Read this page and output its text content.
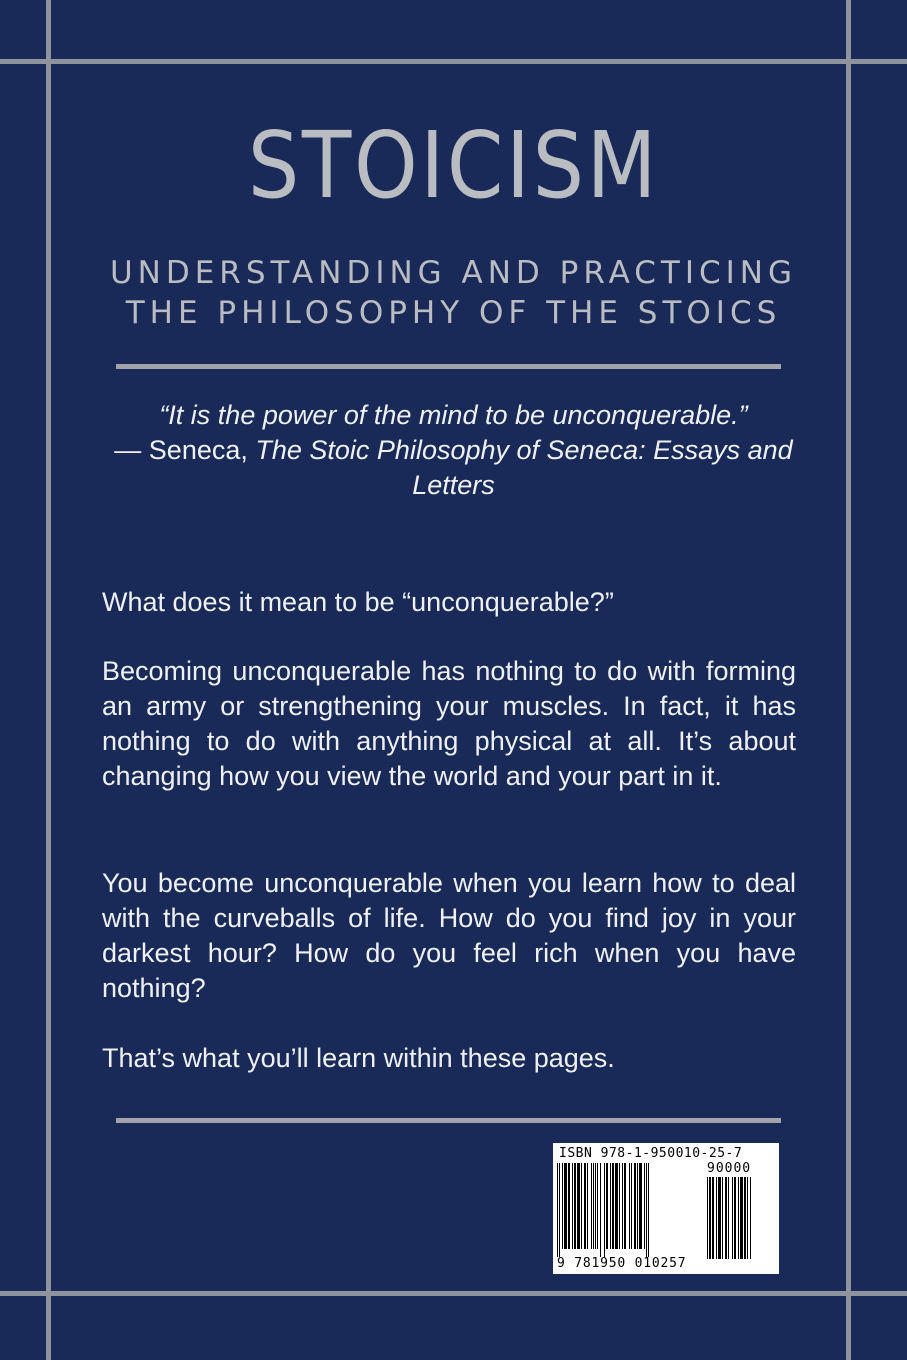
STOICISM
UNDERSTANDING AND PRACTICING
THE PHILOSOPHY OF THE STOICS
“It is the power of the mind to be unconquerable.”
— Seneca, The Stoic Philosophy of Seneca: Essays and Letters
What does it mean to be “unconquerable?”
Becoming unconquerable has nothing to do with forming an army or strengthening your muscles. In fact, it has nothing to do with anything physical at all. It’s about changing how you view the world and your part in it.
You become unconquerable when you learn how to deal with the curveballs of life. How do you find joy in your darkest hour? How do you feel rich when you have nothing?
That’s what you’ll learn within these pages.
ISBN 978-1-950010-25-7
90000
9 781950 010257
